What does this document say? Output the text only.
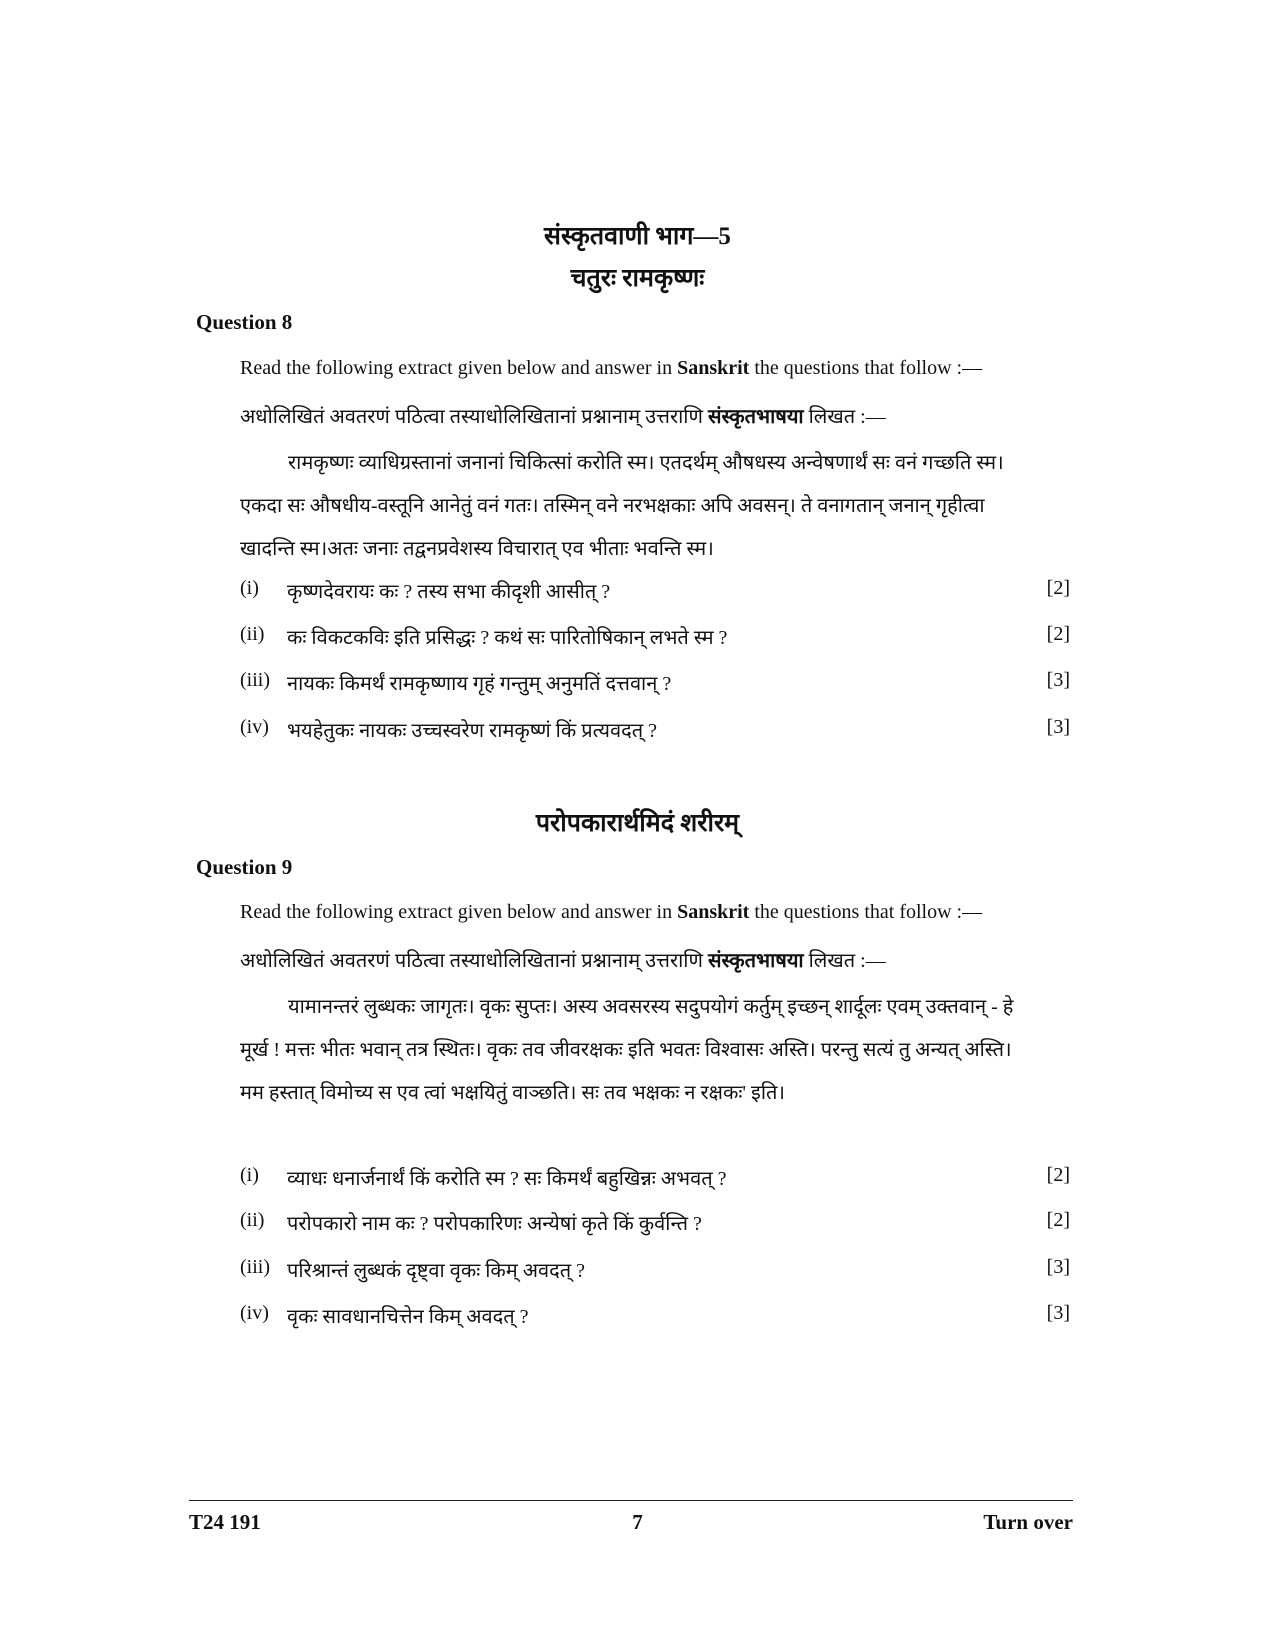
संस्कृतवाणी भाग—5
चतुरः रामकृष्णः
Question 8
Read the following extract given below and answer in Sanskrit the questions that follow :—
अधोलिखितं अवतरणं पठित्वा तस्याधोलिखितानां प्रश्नानाम् उत्तराणि संस्कृतभाषया लिखत :—
रामकृष्णः व्याधिग्रस्तानां जनानां चिकित्सां करोति स्म। एतदर्थम् औषधस्य अन्वेषणार्थं सः वनं गच्छति स्म। एकदा सः औषधीय-वस्तूनि आनेतुं वनं गतः। तस्मिन् वने नरभक्षकाः अपि अवसन्। ते वनागतान् जनान् गृहीत्वा खादन्ति स्म।अतः जनाः तद्वनप्रवेशस्य विचारात् एव भीताः भवन्ति स्म।
(i) कृष्णदेवरायः कः ? तस्य सभा कीदृशी आसीत् ?	[2]
(ii) कः विकटकविः इति प्रसिद्धः ? कथं सः पारितोषिकान् लभते स्म ?	[2]
(iii) नायकः किमर्थं रामकृष्णाय गृहं गन्तुम् अनुमतिं दत्तवान् ?	[3]
(iv) भयहेतुकः नायकः उच्चस्वरेण रामकृष्णं किं प्रत्यवदत् ?	[3]
परोपकारार्थमिदं शरीरम्
Question 9
Read the following extract given below and answer in Sanskrit the questions that follow :—
अधोलिखितं अवतरणं पठित्वा तस्याधोलिखितानां प्रश्नानाम् उत्तराणि संस्कृतभाषया लिखत :—
यामानन्तरं लुब्धकः जागृतः। वृकः सुप्तः। अस्य अवसरस्य सदुपयोगं कर्तुम् इच्छन् शार्दूलः एवम् उक्तवान् - हे मूर्ख ! मत्तः भीतः भवान् तत्र स्थितः। वृकः तव जीवरक्षकः इति भवतः विश्वासः अस्ति। परन्तु सत्यं तु अन्यत् अस्ति। मम हस्तात् विमोच्य स एव त्वां भक्षयितुं वाञ्छति। सः तव भक्षकः न रक्षकः' इति।
(i) व्याधः धनार्जनार्थं किं करोति स्म ? सः किमर्थं बहुखिन्नः अभवत् ?	[2]
(ii) परोपकारो नाम कः ? परोपकारिणः अन्येषां कृते किं कुर्वन्ति ?	[2]
(iii) परिश्रान्तं लुब्धकं दृष्ट्वा वृकः किम् अवदत् ?	[3]
(iv) वृकः सावधानचित्तेन किम् अवदत् ?	[3]
T24 191	7	Turn over
